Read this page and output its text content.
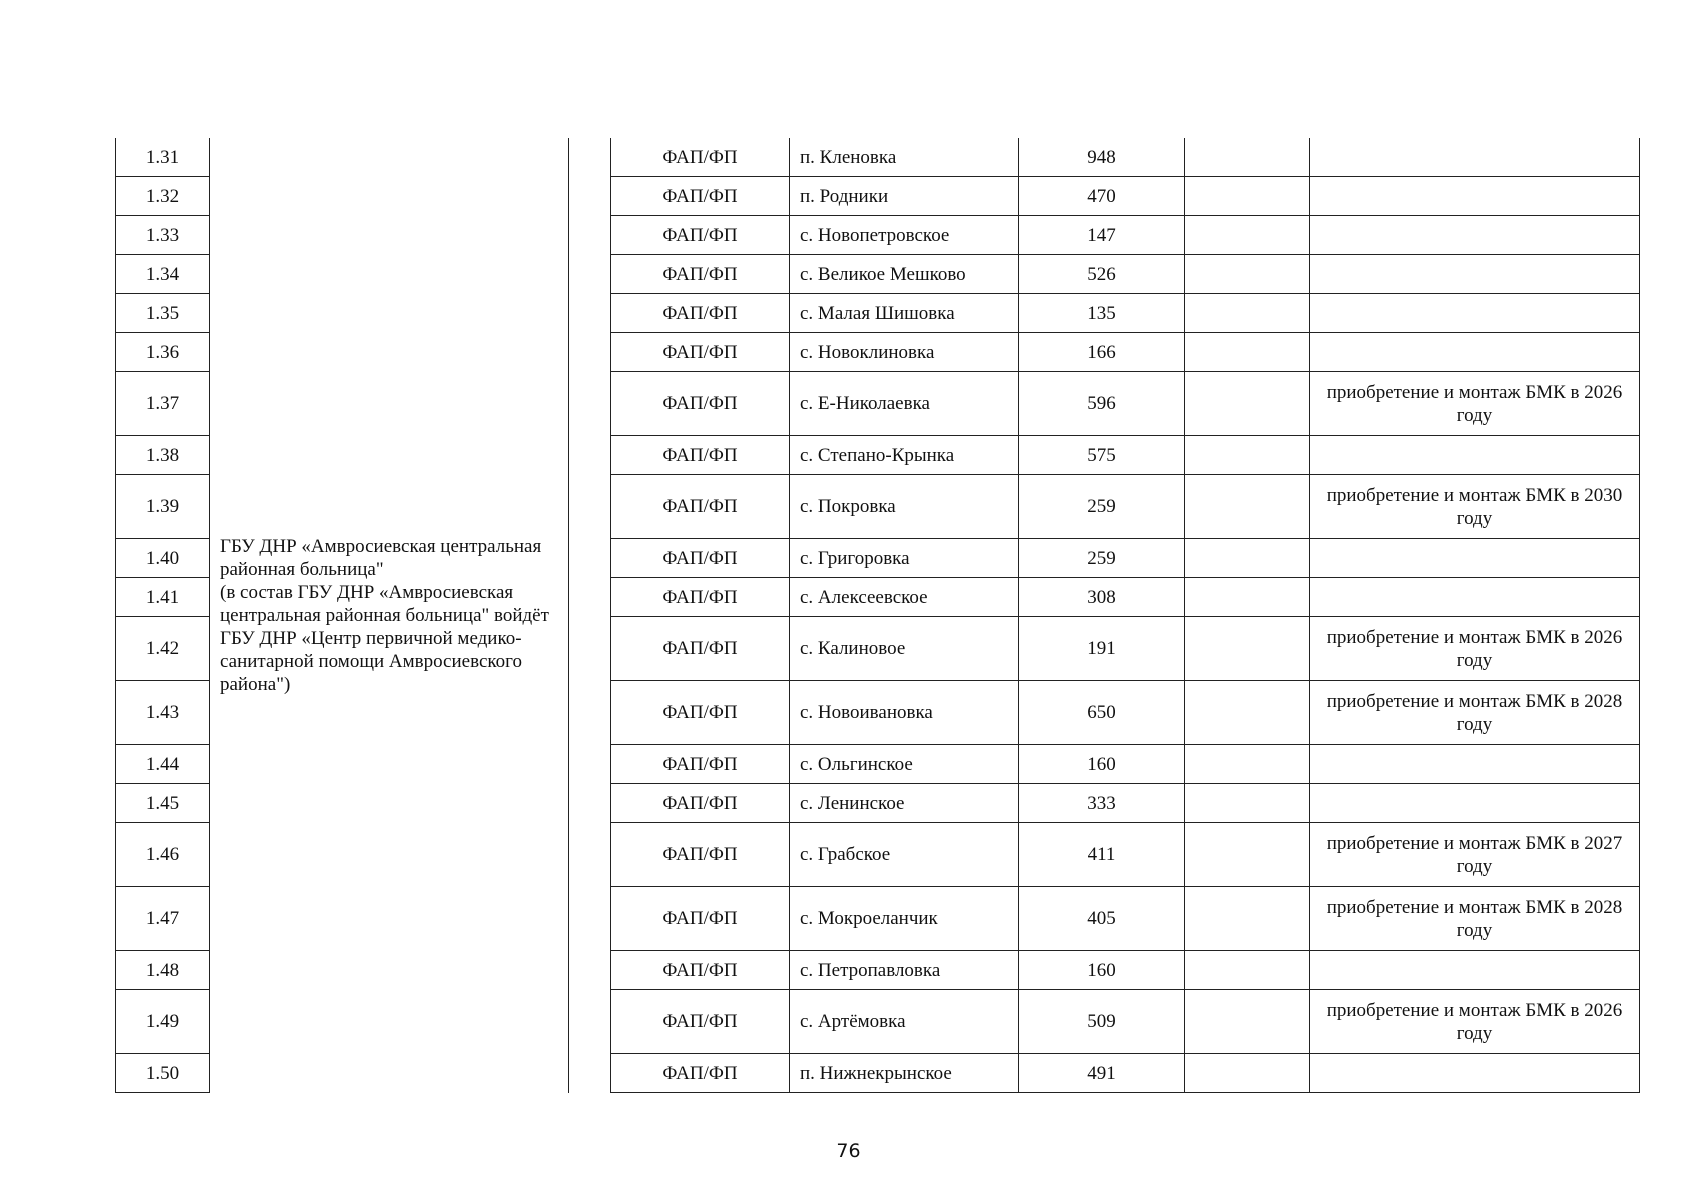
1.31	ГБУ ДНР «Амвросиевская центральная районная больница"
(в состав ГБУ ДНР «Амвросиевская центральная районная больница" войдёт ГБУ ДНР «Центр первичной медико-санитарной помощи Амвросиевского района")		ФАП/ФП	п. Кленовка	948		
1.32			ФАП/ФП	п. Родники	470		
1.33			ФАП/ФП	с. Новопетровское	147		
1.34			ФАП/ФП	с. Великое Мешково	526		
1.35			ФАП/ФП	с. Малая Шишовка	135		
1.36			ФАП/ФП	с. Новоклиновка	166		
1.37			ФАП/ФП	с. Е-Николаевка	596		приобретение и монтаж БМК в 2026 году
1.38			ФАП/ФП	с. Степано-Крынка	575		
1.39			ФАП/ФП	с. Покровка	259		приобретение и монтаж БМК в 2030 году
1.40			ФАП/ФП	с. Григоровка	259		
1.41			ФАП/ФП	с. Алексеевское	308		
1.42			ФАП/ФП	с. Калиновое	191		приобретение и монтаж БМК в 2026 году
1.43			ФАП/ФП	с. Новоивановка	650		приобретение и монтаж БМК в 2028 году
1.44			ФАП/ФП	с. Ольгинское	160		
1.45			ФАП/ФП	с. Ленинское	333		
1.46			ФАП/ФП	с. Грабское	411		приобретение и монтаж БМК в 2027 году
1.47			ФАП/ФП	с. Мокроеланчик	405		приобретение и монтаж БМК в 2028 году
1.48			ФАП/ФП	с. Петропавловка	160		
1.49			ФАП/ФП	с. Артёмовка	509		приобретение и монтаж БМК в 2026 году
1.50			ФАП/ФП	п. Нижнекрынское	491		
76
